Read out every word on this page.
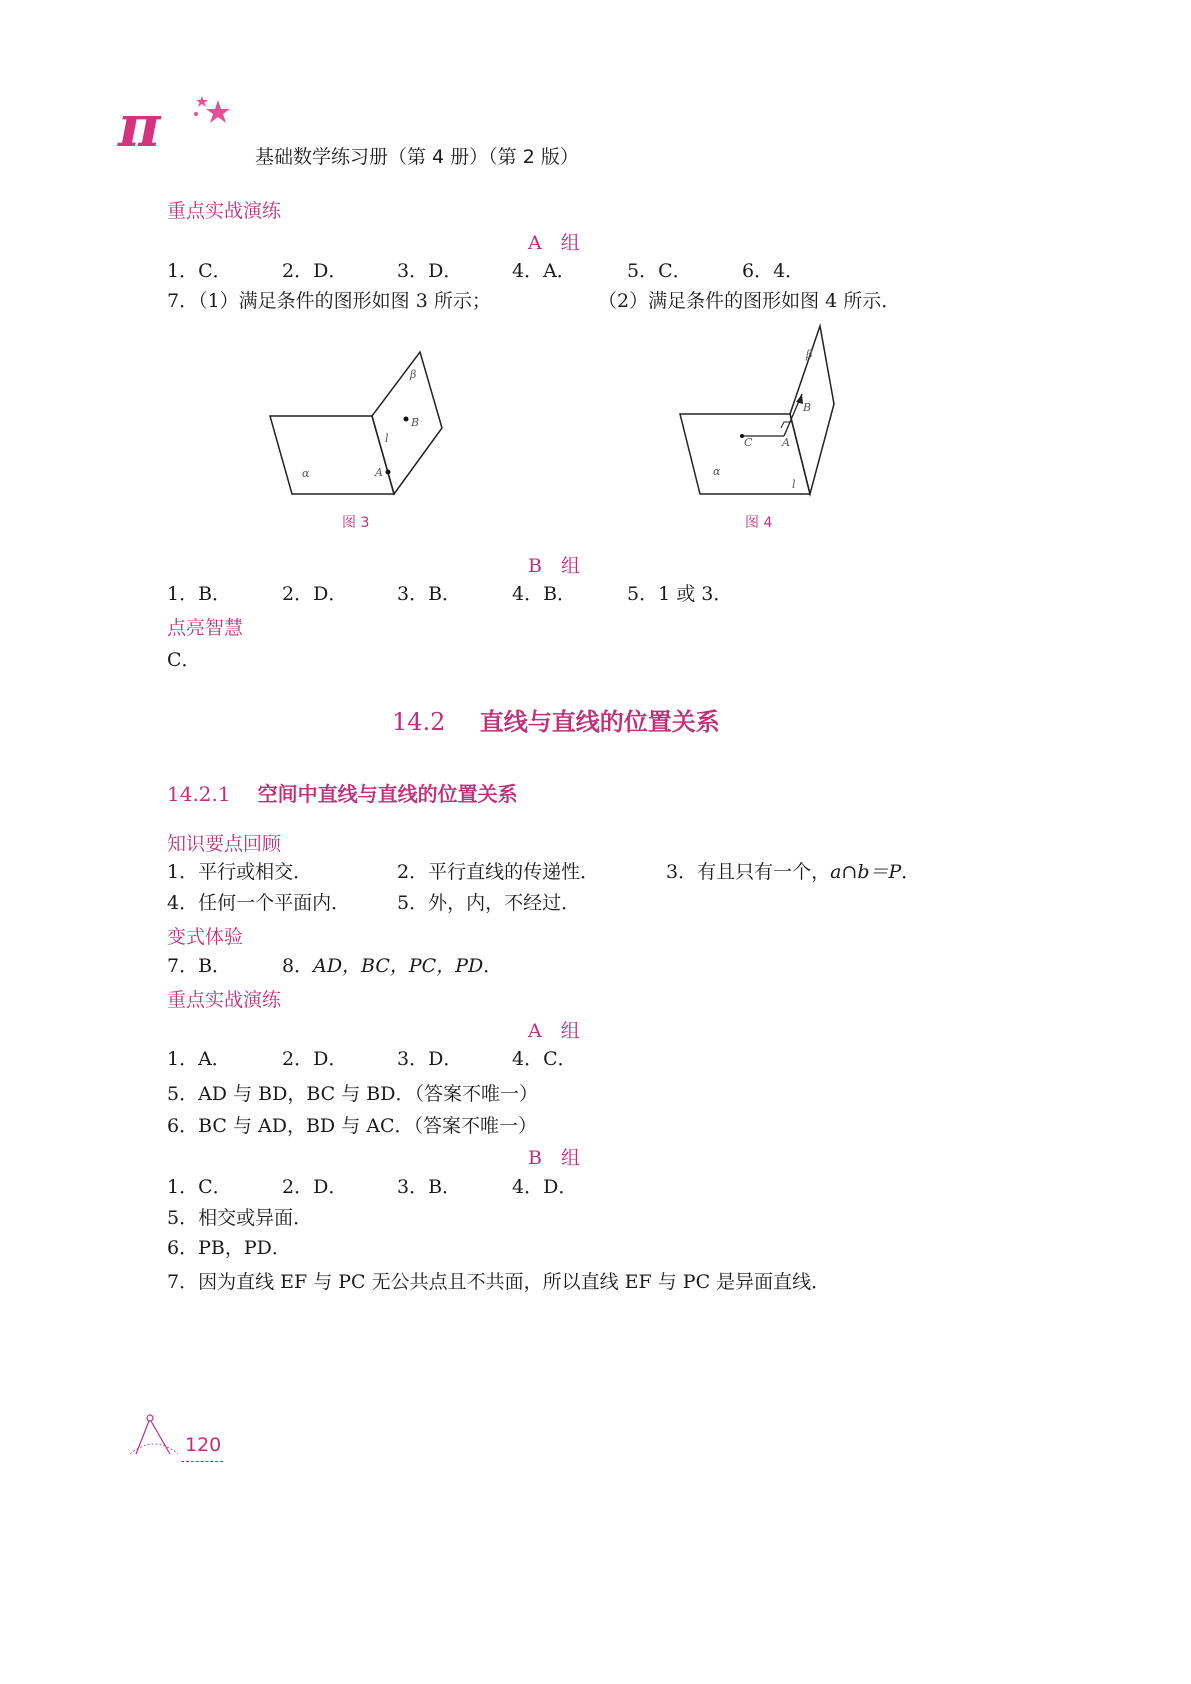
π	基础数学练习册（第 4 册）（第 2 版）
重点实战演练
A　组
1．C．	2．D．	3．D．	4．A．	5．C．	6．4．
7．（1）满足条件的图形如图 3 所示；	（2）满足条件的图形如图 4 所示．
β
B
l
A
α
图 3
β
B
C	A
α
l
图 4
B　组
1．B．	2．D．	3．B．	4．B．	5．1 或 3．
点亮智慧
C．
14.2 直线与直线的位置关系
14.2.1 空间中直线与直线的位置关系
知识要点回顾
1．平行或相交．	2．平行直线的传递性．	3．有且只有一个，a∩b＝P．
4．任何一个平面内． 5．外，内，不经过．
变式体验
7．B．	8．AD，BC，PC，PD．
重点实战演练
A　组
1．A．	2．D．	3．D．	4．C．
5．AD 与 BD，BC 与 BD．（答案不唯一）
6．BC 与 AD，BD 与 AC．（答案不唯一）
B　组
1．C．	2．D．	3．B．	4．D．
5．相交或异面．
6．PB，PD．
7．因为直线 EF 与 PC 无公共点且不共面，所以直线 EF 与 PC 是异面直线．
120
